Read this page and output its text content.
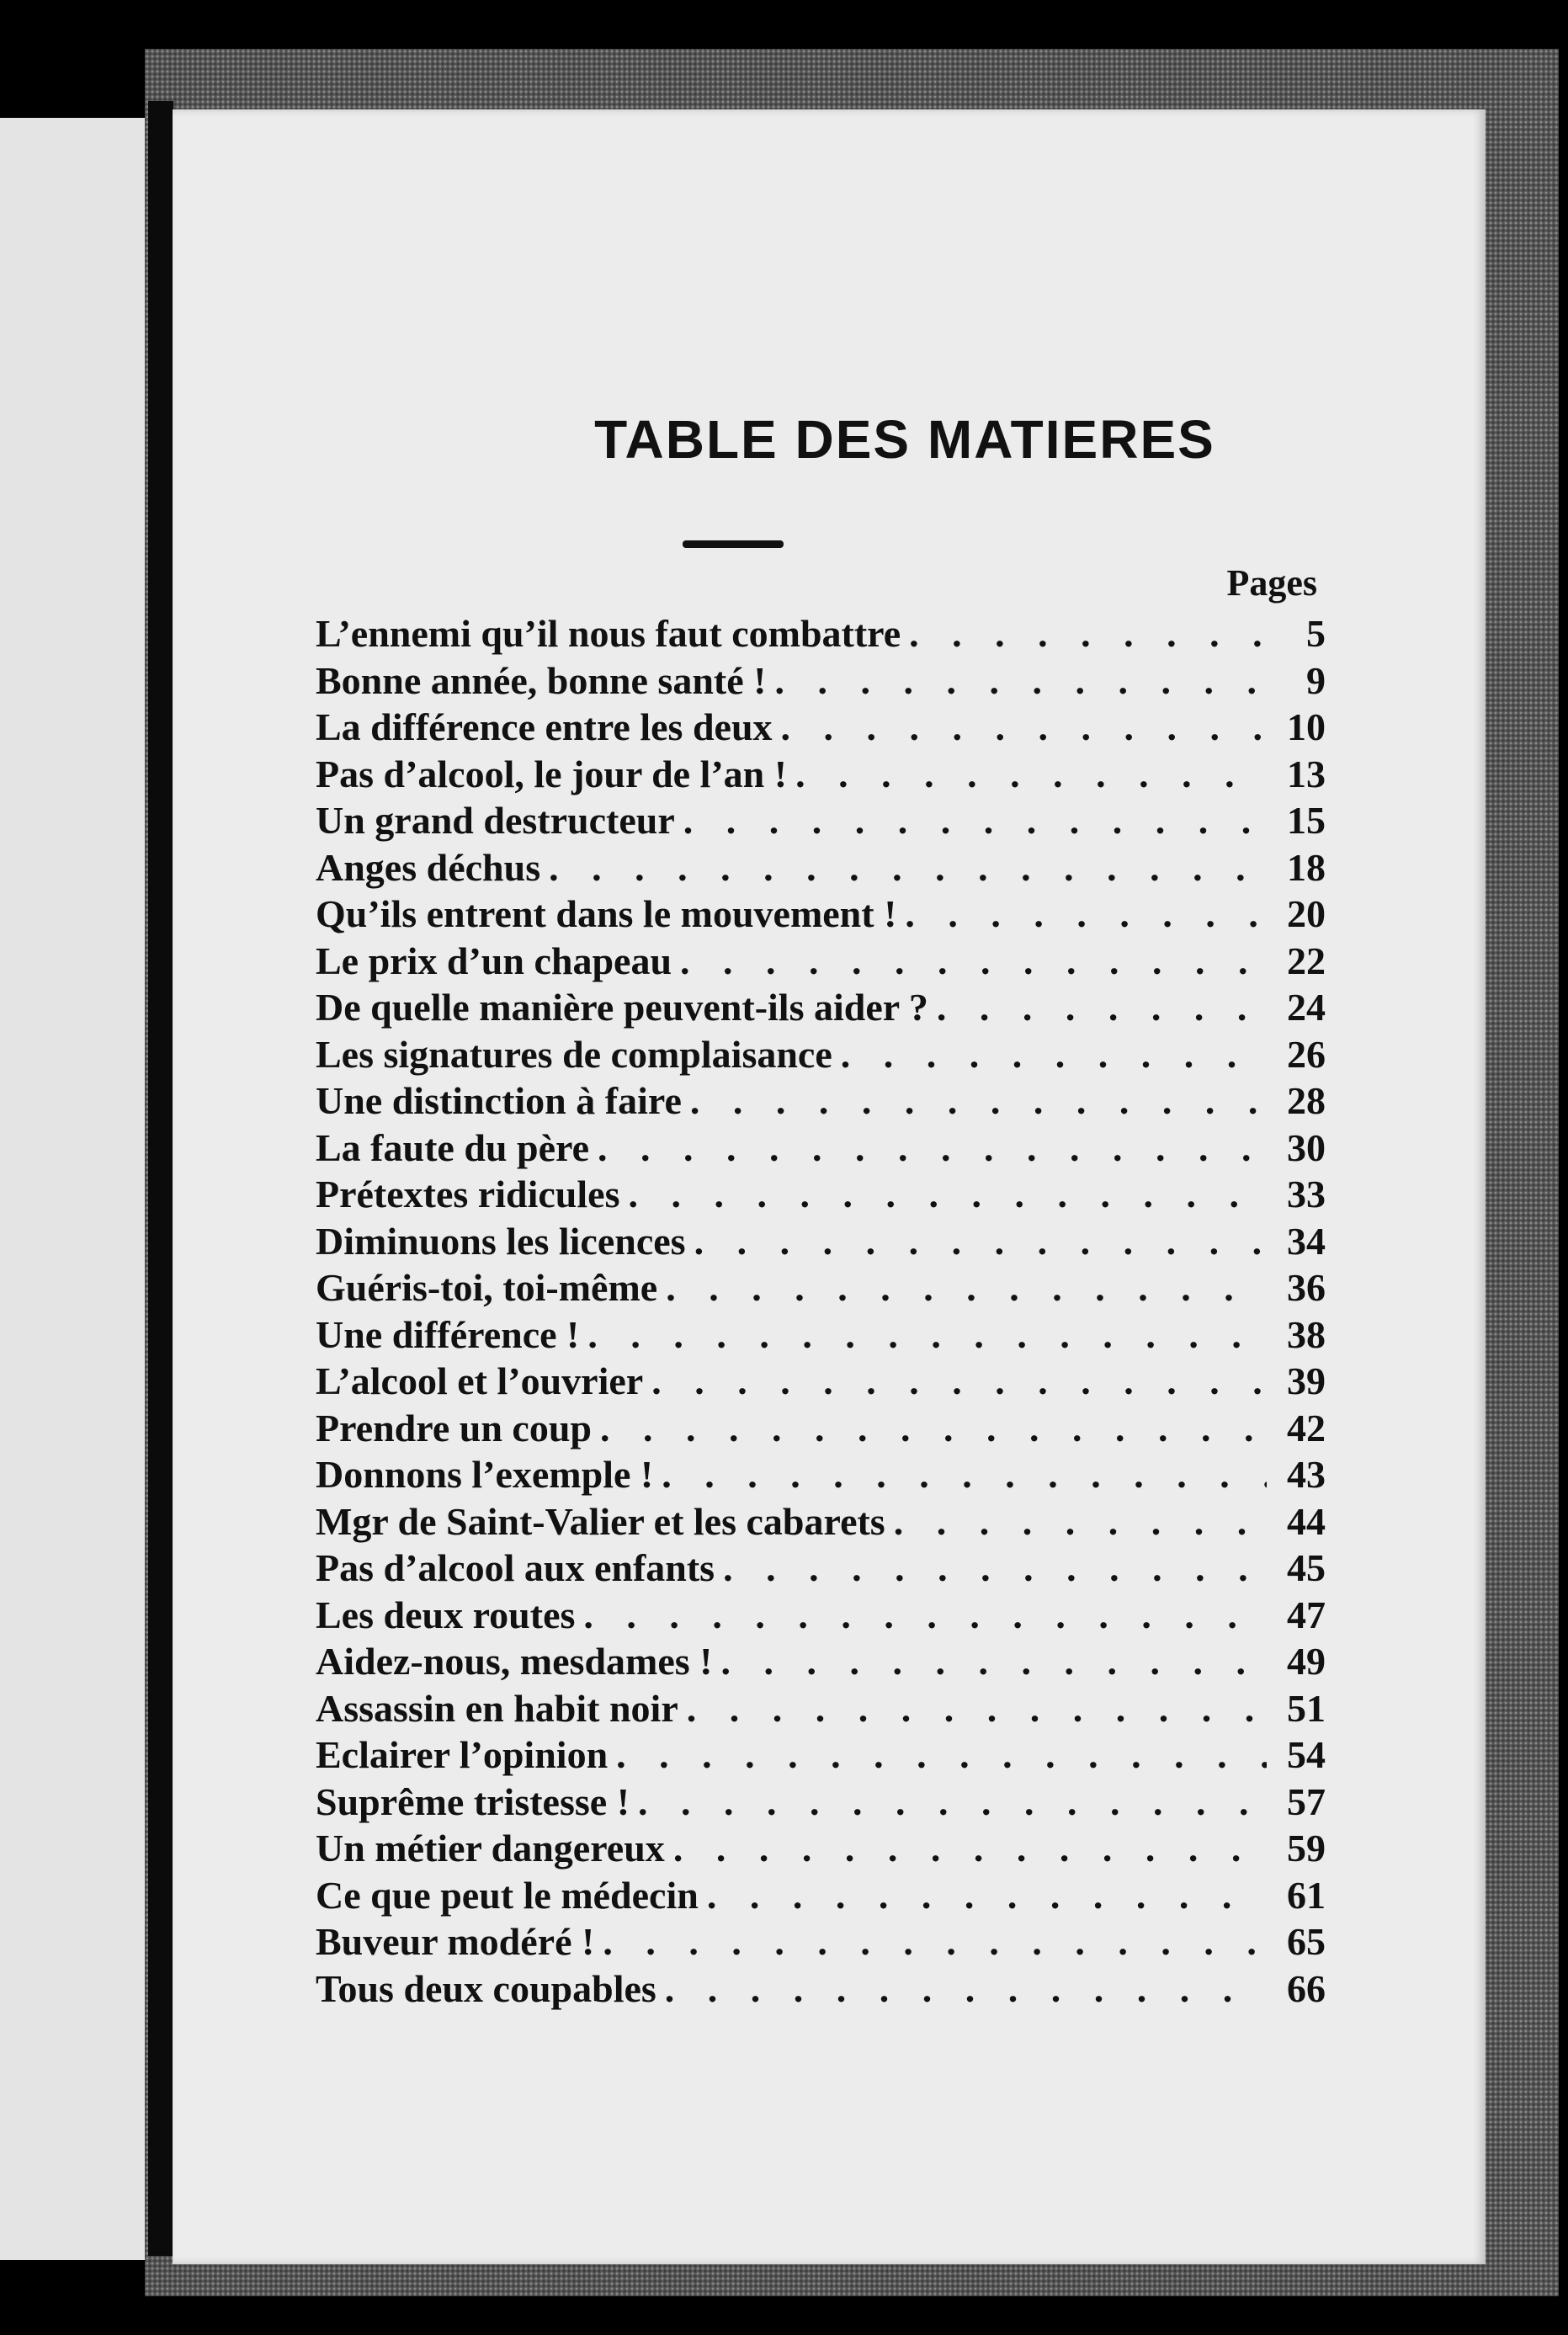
TABLE DES MATIERES
Pages
L’ennemi qu’il nous faut combattre . . .	5
Bonne année, bonne santé ! . . .	9
La différence entre les deux . . .	10
Pas d’alcool, le jour de l’an ! . . .	13
Un grand destructeur . . .	15
Anges déchus . . .	18
Qu’ils entrent dans le mouvement ! . . .	20
Le prix d’un chapeau . . .	22
De quelle manière peuvent-ils aider ? . . .	24
Les signatures de complaisance . . .	26
Une distinction à faire . . .	28
La faute du père . . .	30
Prétextes ridicules . . .	33
Diminuons les licences . . .	34
Guéris-toi, toi-même . . .	36
Une différence ! . . .	38
L’alcool et l’ouvrier . . .	39
Prendre un coup . . .	42
Donnons l’exemple ! . . .	43
Mgr de Saint-Valier et les cabarets . . .	44
Pas d’alcool aux enfants . . .	45
Les deux routes . . .	47
Aidez-nous, mesdames ! . . .	49
Assassin en habit noir . . .	51
Eclairer l’opinion . . .	54
Suprême tristesse ! . . .	57
Un métier dangereux . . .	59
Ce que peut le médecin . . .	61
Buveur modéré ! . . .	65
Tous deux coupables . . .	66
